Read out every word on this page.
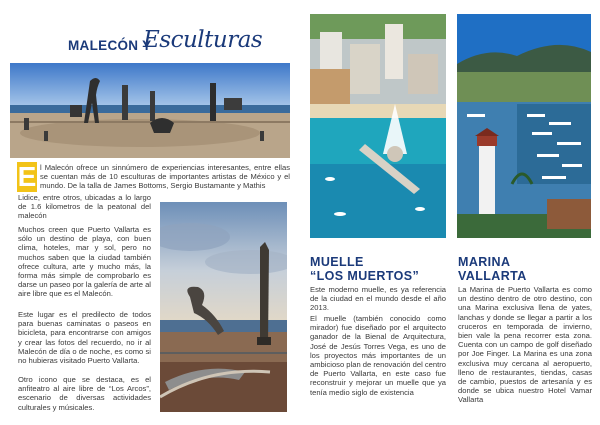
MALECÓN Y
Esculturas
E l Malecón ofrece un sinnúmero de experiencias interesantes, entre ellas se cuentan más de 10 esculturas de importantes artistas de México y el mundo. De la talla de James Bottoms, Sergio Bustamante y Mathis

Lidice, entre otros, ubicadas a lo largo de 1.6 kilometros de la peatonal del malecón

Muchos creen que Puerto Vallarta es sólo un destino de playa, con buen clima, hoteles, mar y sol, pero no muchos saben que la ciudad también ofrece cultura, arte y mucho más, la forma más simple de comprobarlo es darse un paseo por la galería de arte al aire libre que es el Malecón.

Este lugar es el predilecto de todos para buenas caminatas o paseos en bicicleta, para encontrarse con amigos y crear las fotos del recuerdo, no ir al Malecón de día o de noche, es como si no hubieras visitado Puerto Vallarta.

Otro icono que se destaca, es el anfiteatro al aire libre de “Los Arcos”, escenario de diversas actividades culturales y músicales.

MUELLE
“LOS MUERTOS”
MARINA
VALLARTA

Este moderno muelle, es ya referencia de la ciudad en el mundo desde el año 2013.

El muelle (también conocido como mirador) fue diseñado por el arquitecto ganador de la Bienal de Arquitectura, José de Jesús Torres Vega, es uno de los proyectos más importantes de un ambicioso plan de renovación del centro de Puerto Vallarta, en este caso fue reconstruir y mejorar un muelle que ya tenía medio siglo de existencia

La Marina de Puerto Vallarta es como un destino dentro de otro destino, con una Marina exclusiva llena de yates, lanchas y donde se llegar a partir a los cruceros en temporada de invierno, bien vale la pena recorrer esta zona. Cuenta con un campo de golf diseñado por Joe Finger. La Marina es una zona exclusiva muy cercana al aeropuerto, lleno de restaurantes, tiendas, casas de cambio, puestos de artesanía y es donde se ubica nuestro Hotel Vamar Vallarta
